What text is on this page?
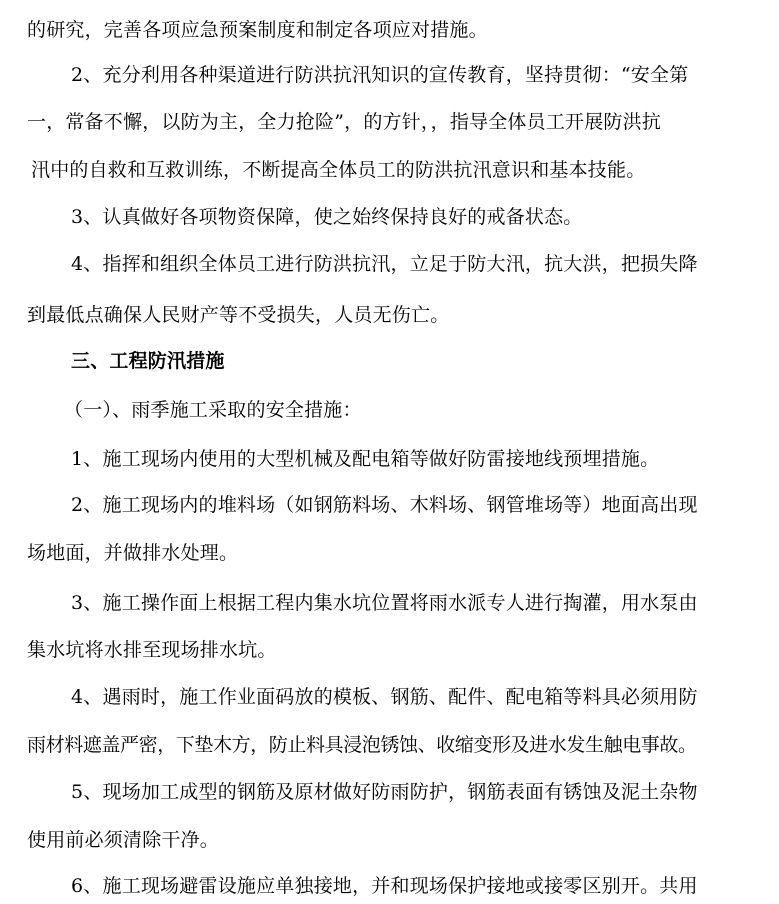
的研究，完善各项应急预案制度和制定各项应对措施。
2、充分利用各种渠道进行防洪抗汛知识的宣传教育，坚持贯彻：“安全第
一，常备不懈，以防为主，全力抢险”，的方针，，指导全体员工开展防洪抗
汛中的自救和互救训练，不断提高全体员工的防洪抗汛意识和基本技能。
3、认真做好各项物资保障，使之始终保持良好的戒备状态。
4、指挥和组织全体员工进行防洪抗汛，立足于防大汛，抗大洪，把损失降
到最低点确保人民财产等不受损失，人员无伤亡。
三、工程防汛措施
（一）、雨季施工采取的安全措施：
1、施工现场内使用的大型机械及配电箱等做好防雷接地线预埋措施。
2、施工现场内的堆料场（如钢筋料场、木料场、钢管堆场等）地面高出现
场地面，并做排水处理。
3、施工操作面上根据工程内集水坑位置将雨水派专人进行掏灌，用水泵由
集水坑将水排至现场排水坑。
4、遇雨时，施工作业面码放的模板、钢筋、配件、配电箱等料具必须用防
雨材料遮盖严密，下垫木方，防止料具浸泡锈蚀、收缩变形及进水发生触电事故。
5、现场加工成型的钢筋及原材做好防雨防护，钢筋表面有锈蚀及泥土杂物
使用前必须清除干净。
6、施工现场避雷设施应单独接地，并和现场保护接地或接零区别开。共用
